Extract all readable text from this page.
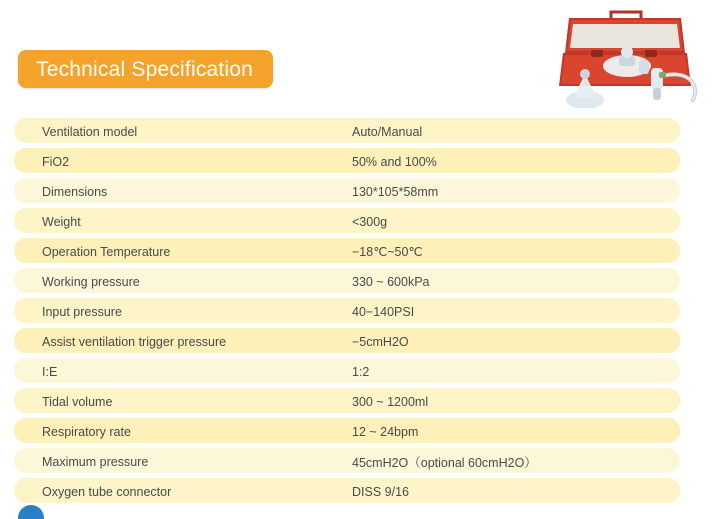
Technical Specification
Ventilation model	Auto/Manual
FiO2	50% and 100%
Dimensions	130*105*58mm
Weight	<300g
Operation Temperature	−18℃~50℃
Working pressure	330 ~ 600kPa
Input pressure	40−140PSI
Assist ventilation trigger pressure	−5cmH2O
I:E	1:2
Tidal volume	300 ~ 1200ml
Respiratory rate	12 ~ 24bpm
Maximum pressure	45cmH2O（optional 60cmH2O）
Oxygen tube connector	DISS 9/16
